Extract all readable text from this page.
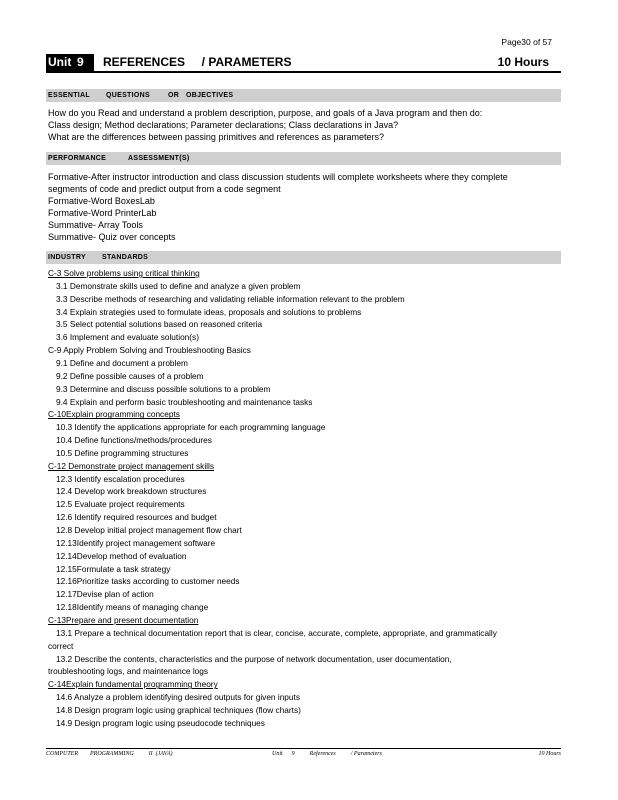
Page30 of 57
Unit 9 REFERENCES     / PARAMETERS	10 Hours
ESSENTIAL QUESTIONS	OR OBJECTIVES
How do you Read and understand a problem description, purpose, and goals of a Java program and then do:
Class design; Method declarations; Parameter declarations; Class declarations in Java?
What are the differences between passing primitives and references as parameters?
PERFORMANCE	ASSESSMENT(S)
Formative-After instructor introduction and class discussion students will complete worksheets where they complete
segments of code and predict output from a code segment
Formative-Word BoxesLab
Formative-Word PrinterLab
Summative- Array Tools
Summative- Quiz over concepts
INDUSTRY STANDARDS
C-3 Solve problems using critical thinking
3.1 Demonstrate skills used to define and analyze a given problem
3.3 Describe methods of researching and validating reliable information relevant to the problem
3.4 Explain strategies used to formulate ideas, proposals and solutions to problems
3.5 Select potential solutions based on reasoned criteria
3.6 Implement and evaluate solution(s)
C-9 Apply Problem Solving and Troubleshooting Basics
9.1 Define and document a problem
9.2 Define possible causes of a problem
9.3 Determine and discuss possible solutions to a problem
9.4 Explain and perform basic troubleshooting and maintenance tasks
C-10Explain programming concepts
10.3 Identify the applications appropriate for each programming language
10.4 Define functions/methods/procedures
10.5 Define programming structures
C-12 Demonstrate project management skills
12.3 Identify escalation procedures
12.4 Develop work breakdown structures
12.5 Evaluate project requirements
12.6 Identify required resources and budget
12.8 Develop initial project management flow chart
12.13Identify project management software
12.14Develop method of evaluation
12.15Formulate a task strategy
12.16Prioritize tasks according to customer needs
12.17Devise plan of action
12.18Identify means of managing change
C-13Prepare and present documentation
13.1 Prepare a technical documentation report that is clear, concise, accurate, complete, appropriate, and grammatically
correct
13.2 Describe the contents, characteristics and the purpose of network documentation, user documentation,
troubleshooting logs, and maintenance logs
C-14Explain fundamental programming theory
14.6 Analyze a problem identifying desired outputs for given inputs
14.8 Design program logic using graphical techniques (flow charts)
14.9 Design program logic using pseudocode techniques
COMPUTER        PROGRAMMING          II  (JAVA)	Unit      9          References          / Parameters	10 Hours
